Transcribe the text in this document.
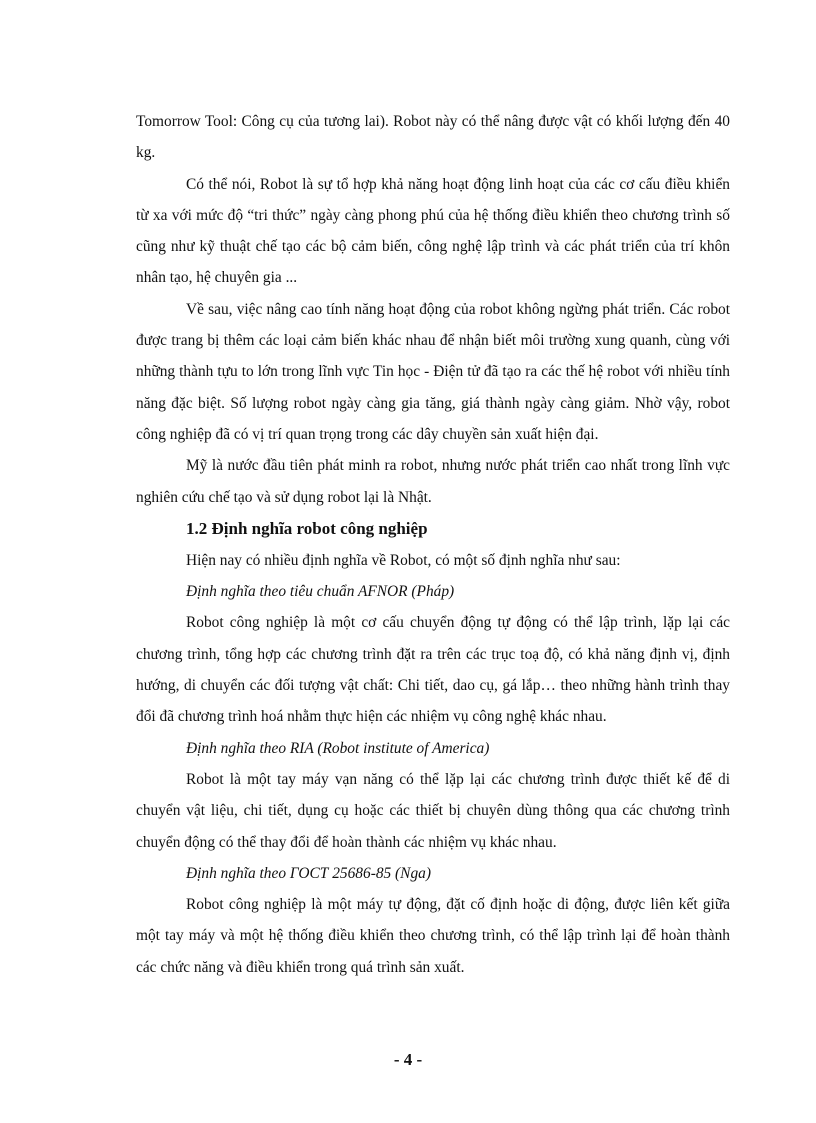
Tomorrow Tool: Công cụ của tương lai). Robot này có thể nâng được vật có khối lượng đến 40 kg.

Có thể nói, Robot là sự tổ hợp khả năng hoạt động linh hoạt của các cơ cấu điều khiển từ xa với mức độ “tri thức” ngày càng phong phú của hệ thống điều khiển theo chương trình số cũng như kỹ thuật chế tạo các bộ cảm biến, công nghệ lập trình và các phát triển của trí khôn nhân tạo, hệ chuyên gia ...

Về sau, việc nâng cao tính năng hoạt động của robot không ngừng phát triển. Các robot được trang bị thêm các loại cảm biến khác nhau để nhận biết môi trường xung quanh, cùng với những thành tựu to lớn trong lĩnh vực Tin học - Điện tử đã tạo ra các thế hệ robot với nhiều tính năng đặc biệt. Số lượng robot ngày càng gia tăng, giá thành ngày càng giảm. Nhờ vậy, robot công nghiệp đã có vị trí quan trọng trong các dây chuyền sản xuất hiện đại.

Mỹ là nước đầu tiên phát minh ra robot, nhưng nước phát triển cao nhất trong lĩnh vực nghiên cứu chế tạo và sử dụng robot lại là Nhật.

1.2 Định nghĩa robot công nghiệp

Hiện nay có nhiều định nghĩa về Robot, có một số định nghĩa như sau:

Định nghĩa theo tiêu chuẩn AFNOR (Pháp)

Robot công nghiệp là một cơ cấu chuyển động tự động có thể lập trình, lặp lại các chương trình, tổng hợp các chương trình đặt ra trên các trục toạ độ, có khả năng định vị, định hướng, di chuyển các đối tượng vật chất: Chi tiết, dao cụ, gá lắp… theo những hành trình thay đổi đã chương trình hoá nhằm thực hiện các nhiệm vụ công nghệ khác nhau.

Định nghĩa theo RIA (Robot institute of America)

Robot là một tay máy vạn năng có thể lặp lại các chương trình được thiết kế để di chuyển vật liệu, chi tiết, dụng cụ hoặc các thiết bị chuyên dùng thông qua các chương trình chuyển động có thể thay đổi để hoàn thành các nhiệm vụ khác nhau.

Định nghĩa theo ГОСТ 25686-85 (Nga)

Robot công nghiệp là một máy tự động, đặt cố định hoặc di động, được liên kết giữa một tay máy và một hệ thống điều khiển theo chương trình, có thể lập trình lại để hoàn thành các chức năng và điều khiển trong quá trình sản xuất.

- 4 -
